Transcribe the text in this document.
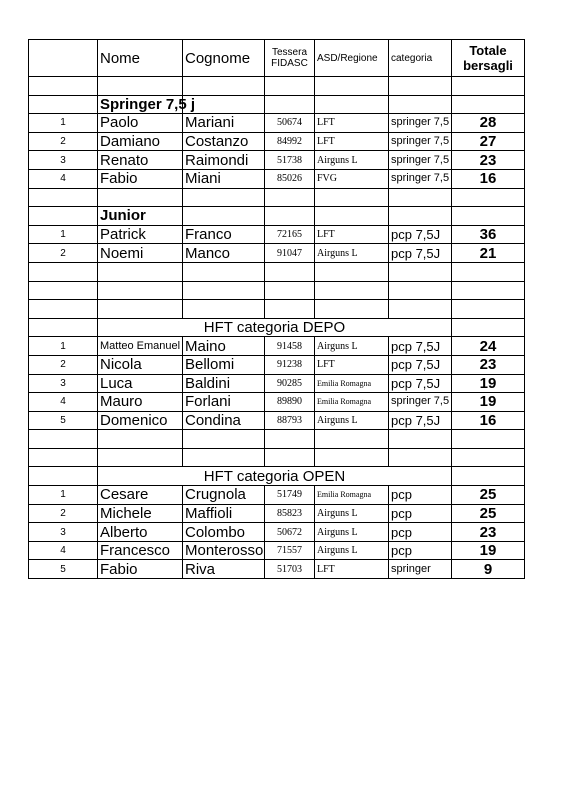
	Nome	Cognome	Tessera FIDASC	ASD/Regione	categoria	Totale bersagli

	Springer 7,5 j					
1	Paolo	Mariani	50674	LFT	springer 7,5	28
2	Damiano	Costanzo	84992	LFT	springer 7,5	27
3	Renato	Raimondi	51738	Airguns L	springer 7,5	23
4	Fabio	Miani	85026	FVG	springer 7,5	16

	Junior					
1	Patrick	Franco	72165	LFT	pcp 7,5J	36
2	Noemi	Manco	91047	Airguns L	pcp 7,5J	21

	HFT categoria DEPO					
1	Matteo Emanuel	Maino	91458	Airguns L	pcp 7,5J	24
2	Nicola	Bellomi	91238	LFT	pcp 7,5J	23
3	Luca	Baldini	90285	Emilia Romagna	pcp 7,5J	19
4	Mauro	Forlani	89890	Emilia Romagna	springer 7,5	19
5	Domenico	Condina	88793	Airguns L	pcp 7,5J	16

	HFT categoria OPEN					
1	Cesare	Crugnola	51749	Emilia Romagna	pcp	25
2	Michele	Maffioli	85823	Airguns L	pcp	25
3	Alberto	Colombo	50672	Airguns L	pcp	23
4	Francesco	Monterosso	71557	Airguns L	pcp	19
5	Fabio	Riva	51703	LFT	springer	9
